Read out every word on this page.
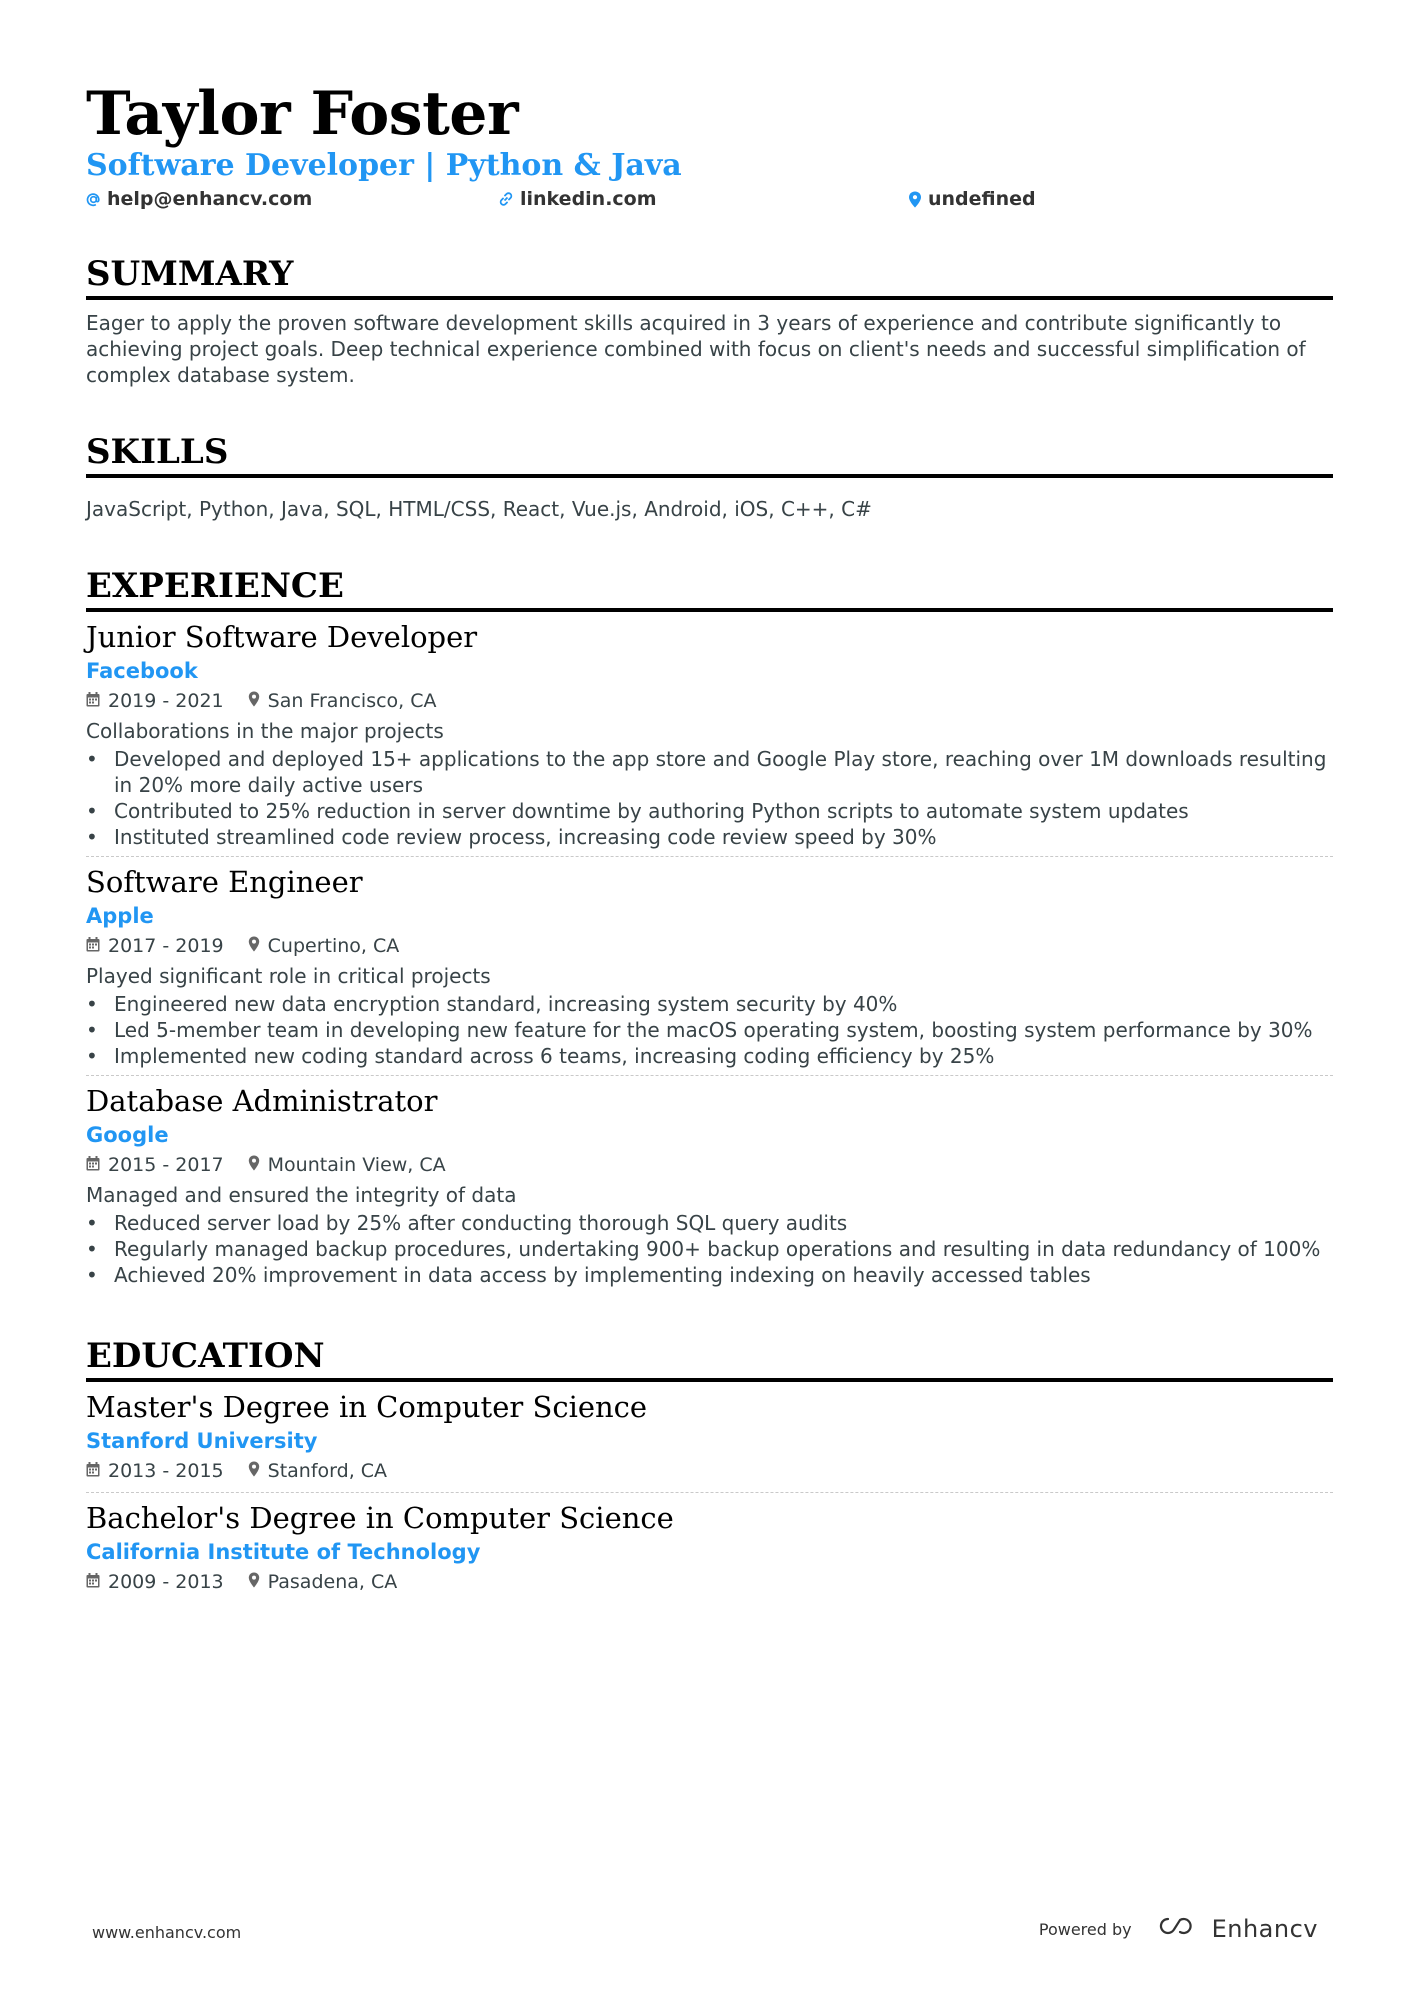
Taylor Foster
Software Developer | Python & Java
help@enhancv.com	linkedin.com	undefined
SUMMARY
Eager to apply the proven software development skills acquired in 3 years of experience and contribute significantly to achieving project goals. Deep technical experience combined with focus on client's needs and successful simplification of complex database system.
SKILLS
JavaScript, Python, Java, SQL, HTML/CSS, React, Vue.js, Android, iOS, C++, C#
EXPERIENCE
Junior Software Developer
Facebook
2019 - 2021 San Francisco, CA
Collaborations in the major projects
• Developed and deployed 15+ applications to the app store and Google Play store, reaching over 1M downloads resulting in 20% more daily active users
• Contributed to 25% reduction in server downtime by authoring Python scripts to automate system updates
• Instituted streamlined code review process, increasing code review speed by 30%
Software Engineer
Apple
2017 - 2019 Cupertino, CA
Played significant role in critical projects
• Engineered new data encryption standard, increasing system security by 40%
• Led 5-member team in developing new feature for the macOS operating system, boosting system performance by 30%
• Implemented new coding standard across 6 teams, increasing coding efficiency by 25%
Database Administrator
Google
2015 - 2017 Mountain View, CA
Managed and ensured the integrity of data
• Reduced server load by 25% after conducting thorough SQL query audits
• Regularly managed backup procedures, undertaking 900+ backup operations and resulting in data redundancy of 100%
• Achieved 20% improvement in data access by implementing indexing on heavily accessed tables
EDUCATION
Master's Degree in Computer Science
Stanford University
2013 - 2015 Stanford, CA
Bachelor's Degree in Computer Science
California Institute of Technology
2009 - 2013 Pasadena, CA
www.enhancv.com	Powered by	Enhancv
